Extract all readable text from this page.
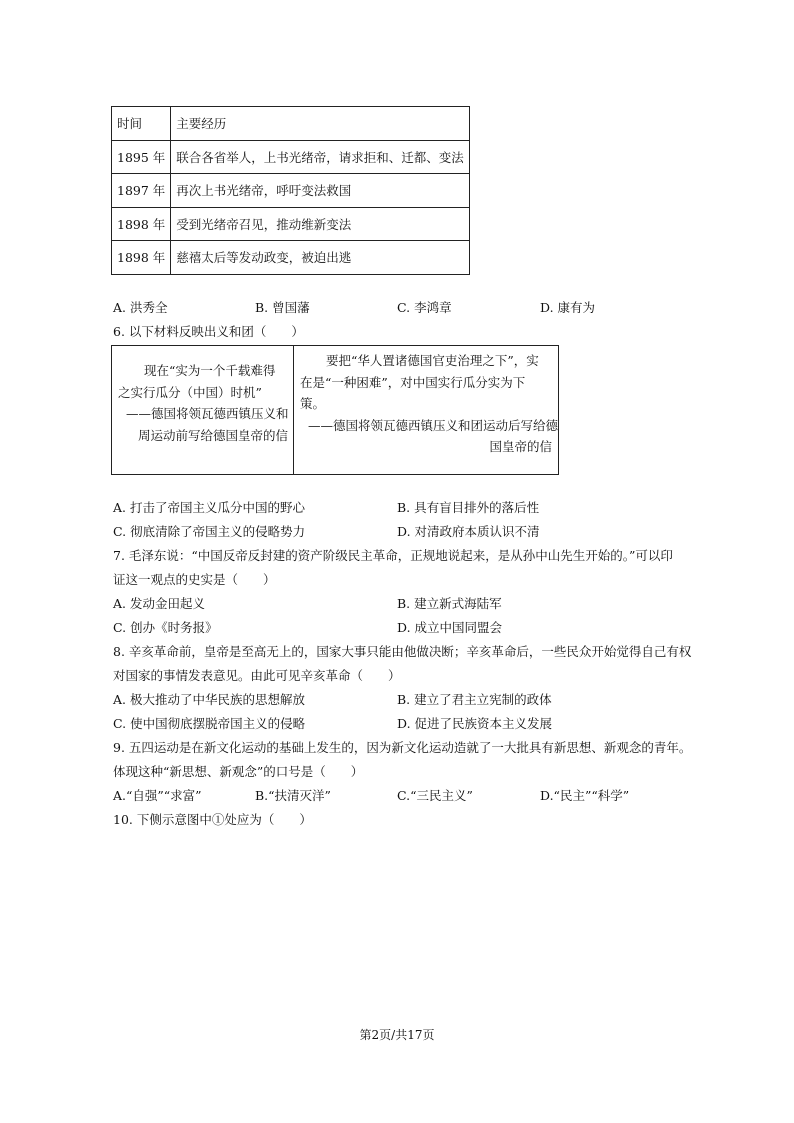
时间	主要经历
1895 年	联合各省举人，上书光绪帝，请求拒和、迁都、变法
1897 年	再次上书光绪帝，呼吁变法救国
1898 年	受到光绪帝召见，推动维新变法
1898 年	慈禧太后等发动政变，被迫出逃
A. 洪秀全	B. 曾国藩	C. 李鸿章	D. 康有为
6. 以下材料反映出义和团（　　）
现在“实为一个千载难得
之实行瓜分（中国）时机”
——德国将领瓦德西镇压义和
周运动前写给德国皇帝的信
要把“华人置诸德国官吏治理之下”，实
在是“一种困难”，对中国实行瓜分实为下
策。
——德国将领瓦德西镇压义和团运动后写给德
国皇帝的信
A. 打击了帝国主义瓜分中国的野心	B. 具有盲目排外的落后性
C. 彻底清除了帝国主义的侵略势力	D. 对清政府本质认识不清
7. 毛泽东说：“中国反帝反封建的资产阶级民主革命，正规地说起来，是从孙中山先生开始的。”可以印
证这一观点的史实是（　　）
A. 发动金田起义	B. 建立新式海陆军
C. 创办《时务报》	D. 成立中国同盟会
8. 辛亥革命前，皇帝是至高无上的，国家大事只能由他做决断；辛亥革命后，一些民众开始觉得自己有权
对国家的事情发表意见。由此可见辛亥革命（　　）
A. 极大推动了中华民族的思想解放	B. 建立了君主立宪制的政体
C. 使中国彻底摆脱帝国主义的侵略	D. 促进了民族资本主义发展
9. 五四运动是在新文化运动的基础上发生的，因为新文化运动造就了一大批具有新思想、新观念的青年。
体现这种“新思想、新观念”的口号是（　　）
A.“自强”“求富”	B.“扶清灭洋”	C.“三民主义”	D.“民主”“科学”
10. 下侧示意图中①处应为（　　）
第2页/共17页
